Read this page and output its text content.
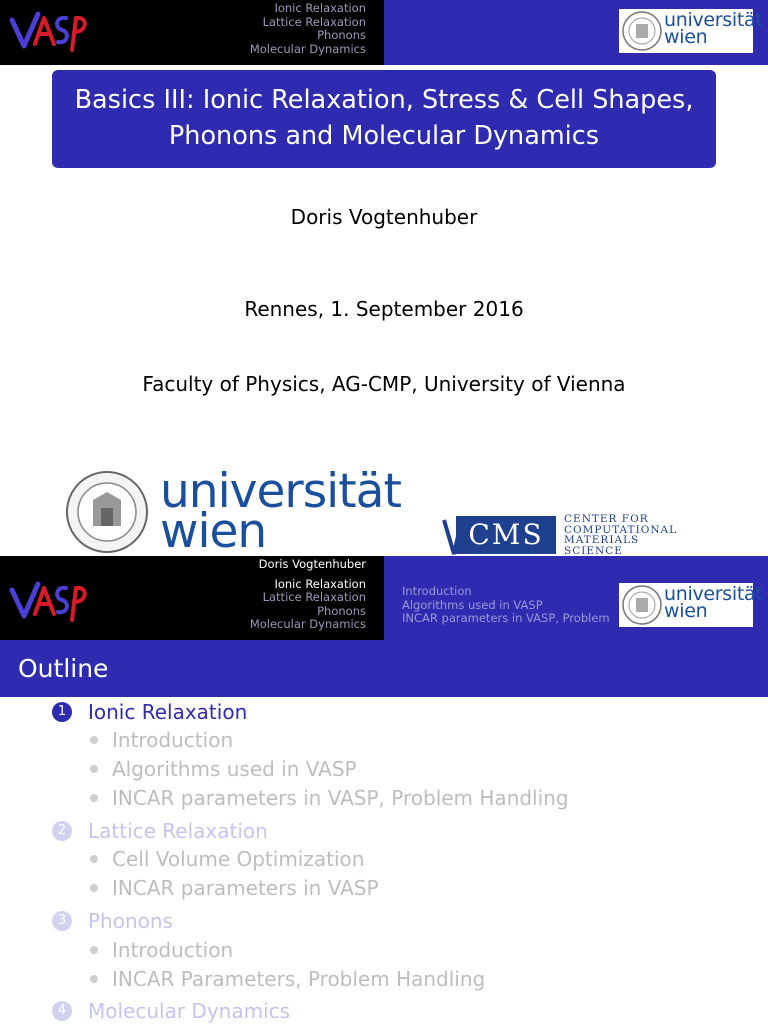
Ionic Relaxation
Lattice Relaxation
Phonons
Molecular Dynamics
universität
wien
Basics III: Ionic Relaxation, Stress & Cell Shapes,
Phonons and Molecular Dynamics
Doris Vogtenhuber
Rennes, 1. September 2016
Faculty of Physics, AG-CMP, University of Vienna
universität
wien	CMS	CENTER FOR
COMPUTATIONAL
MATERIALS
SCIENCE
Doris Vogtenhuber
Ionic Relaxation
Lattice Relaxation
Phonons
Molecular Dynamics
Introduction
Algorithms used in VASP
INCAR parameters in VASP, Problem
universität
wien
Outline
1 Ionic Relaxation
Introduction
Algorithms used in VASP
INCAR parameters in VASP, Problem Handling
2 Lattice Relaxation
Cell Volume Optimization
INCAR parameters in VASP
3 Phonons
Introduction
INCAR Parameters, Problem Handling
4 Molecular Dynamics
